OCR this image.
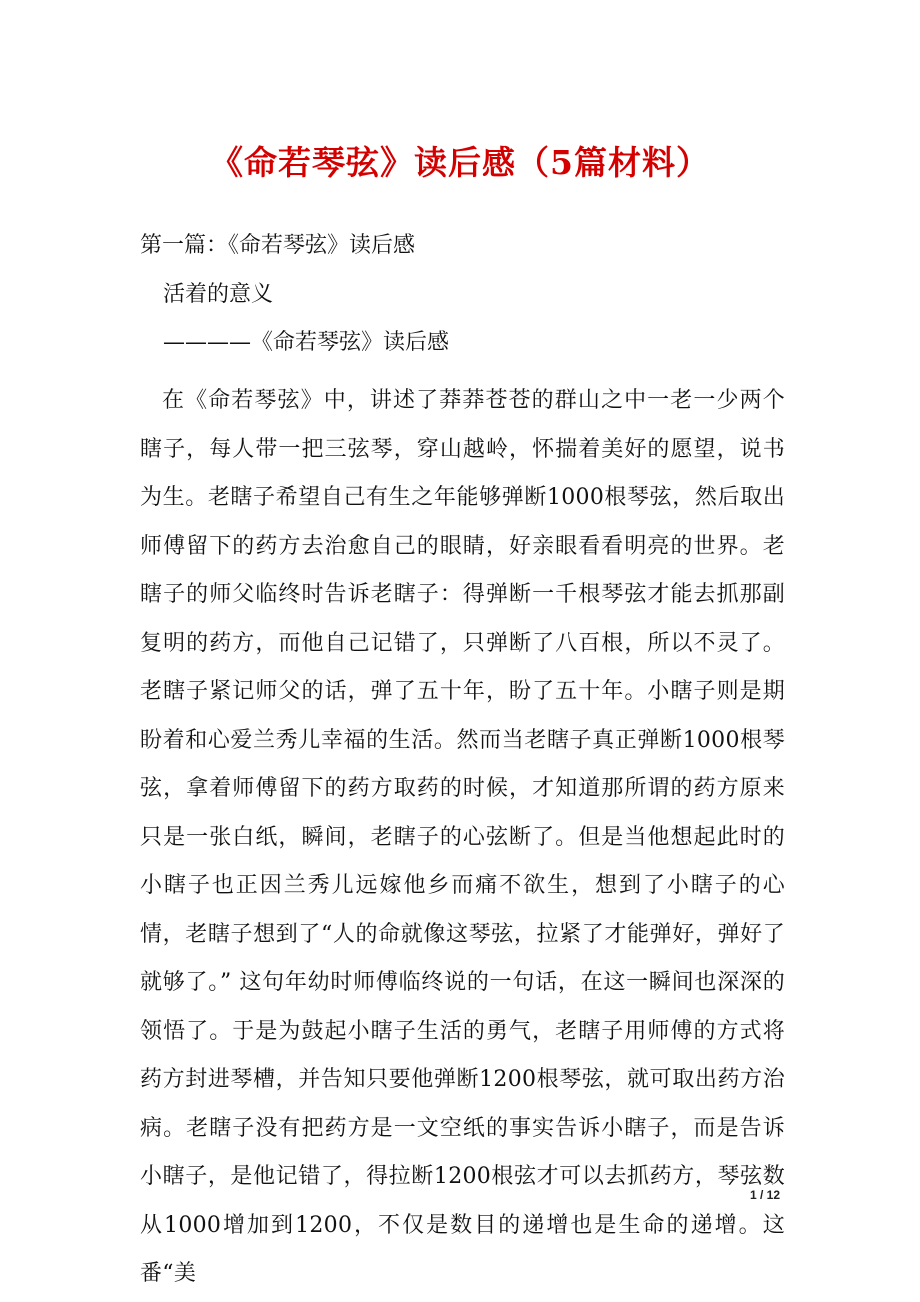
《命若琴弦》读后感（5篇材料）
第一篇：《命若琴弦》读后感
活着的意义
————《命若琴弦》读后感

在《命若琴弦》中，讲述了莽莽苍苍的群山之中一老一少两个瞎子，每人带一把三弦琴，穿山越岭，怀揣着美好的愿望，说书为生。老瞎子希望自己有生之年能够弹断1000根琴弦，然后取出师傅留下的药方去治愈自己的眼睛，好亲眼看看明亮的世界。老瞎子的师父临终时告诉老瞎子：得弹断一千根琴弦才能去抓那副复明的药方，而他自己记错了，只弹断了八百根，所以不灵了。老瞎子紧记师父的话，弹了五十年，盼了五十年。小瞎子则是期盼着和心爱兰秀儿幸福的生活。然而当老瞎子真正弹断1000根琴弦，拿着师傅留下的药方取药的时候，才知道那所谓的药方原来只是一张白纸，瞬间，老瞎子的心弦断了。但是当他想起此时的小瞎子也正因兰秀儿远嫁他乡而痛不欲生，想到了小瞎子的心情，老瞎子想到了“人的命就像这琴弦，拉紧了才能弹好，弹好了就够了。” 这句年幼时师傅临终说的一句话，在这一瞬间也深深的领悟了。于是为鼓起小瞎子生活的勇气，老瞎子用师傅的方式将药方封进琴槽，并告知只要他弹断1200根琴弦，就可取出药方治病。老瞎子没有把药方是一文空纸的事实告诉小瞎子，而是告诉小瞎子，是他记错了，得拉断1200根弦才可以去抓药方，琴弦数从1000增加到1200，不仅是数目的递增也是生命的递增。这番“美

1 / 12
